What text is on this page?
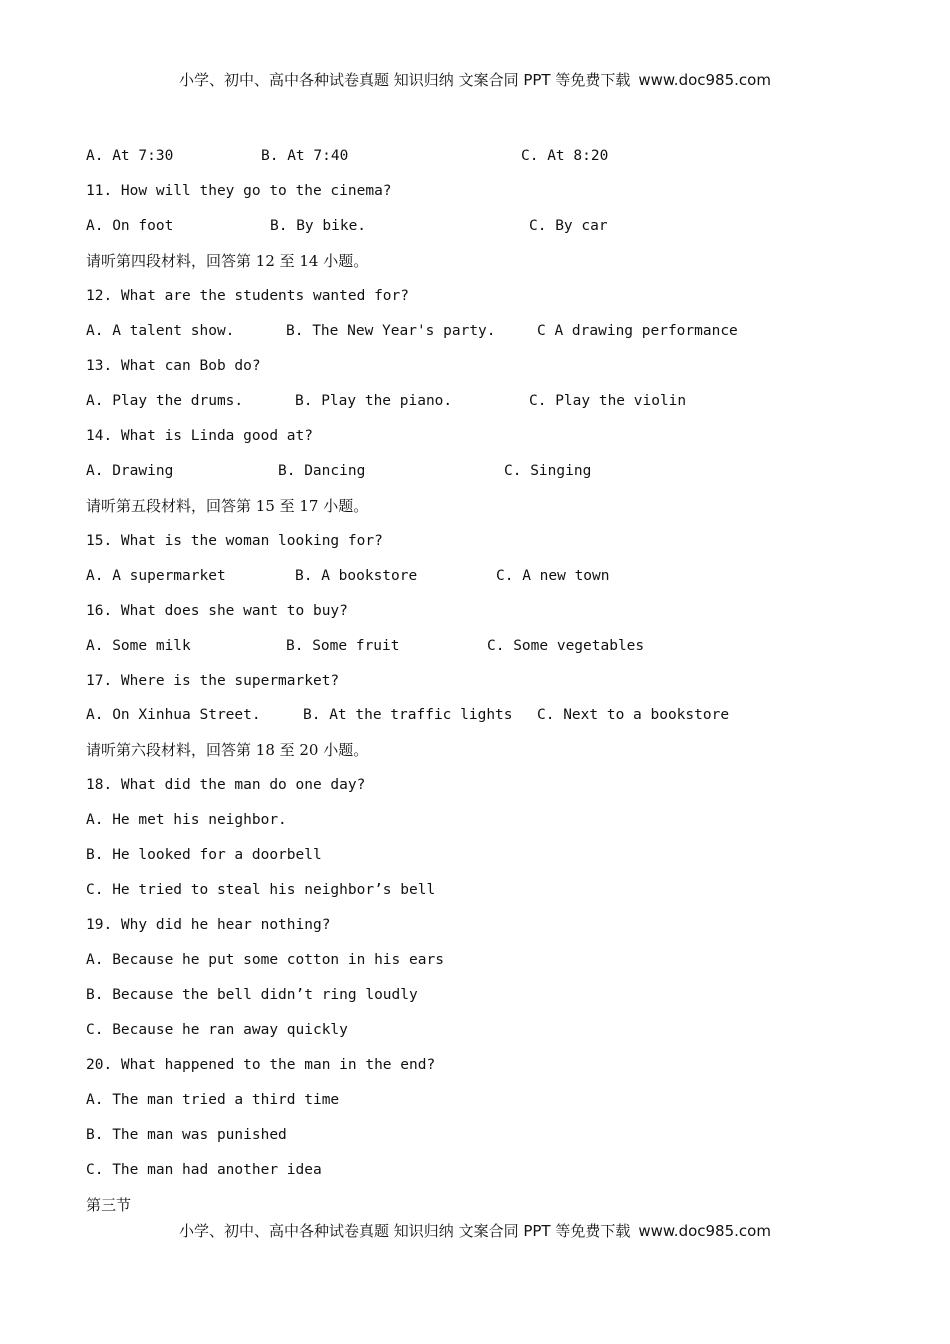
小学、初中、高中各种试卷真题 知识归纳 文案合同 PPT 等免费下载 www.doc985.com

A. At 7:30

	B. At 7:40

	C. At 8:20

11. How will they go to the cinema?

A. On foot

	B. By bike.

	C. By car

请听第四段材料，回答第 12 至 14 小题。
12. What are the students wanted for?

A. A talent show.

	B. The New Year's party.

	C A drawing performance

13. What can Bob do?

A. Play the drums.

	B. Play the piano.

	C. Play the violin

14. What is Linda good at?

A. Drawing

	B. Dancing

	C. Singing

请听第五段材料，回答第 15 至 17 小题。
15. What is the woman looking for?

A. A supermarket

	B. A bookstore

	C. A new town

16. What does she want to buy?

A. Some milk

	B. Some fruit

	C. Some vegetables

17. Where is the supermarket?

A. On Xinhua Street.

	B. At the traffic lights

C. Next to a bookstore

请听第六段材料，回答第 18 至 20 小题。
18. What did the man do one day?
A. He met his neighbor.
B. He looked for a doorbell
C. He tried to steal his neighbor’s bell
19. Why did he hear nothing?
A. Because he put some cotton in his ears
B. Because the bell didn’t ring loudly
C. Because he ran away quickly
20. What happened to the man in the end?
A. The man tried a third time
B. The man was punished
C. The man had another idea
第三节
小学、初中、高中各种试卷真题 知识归纳 文案合同 PPT 等免费下载 www.doc985.com
